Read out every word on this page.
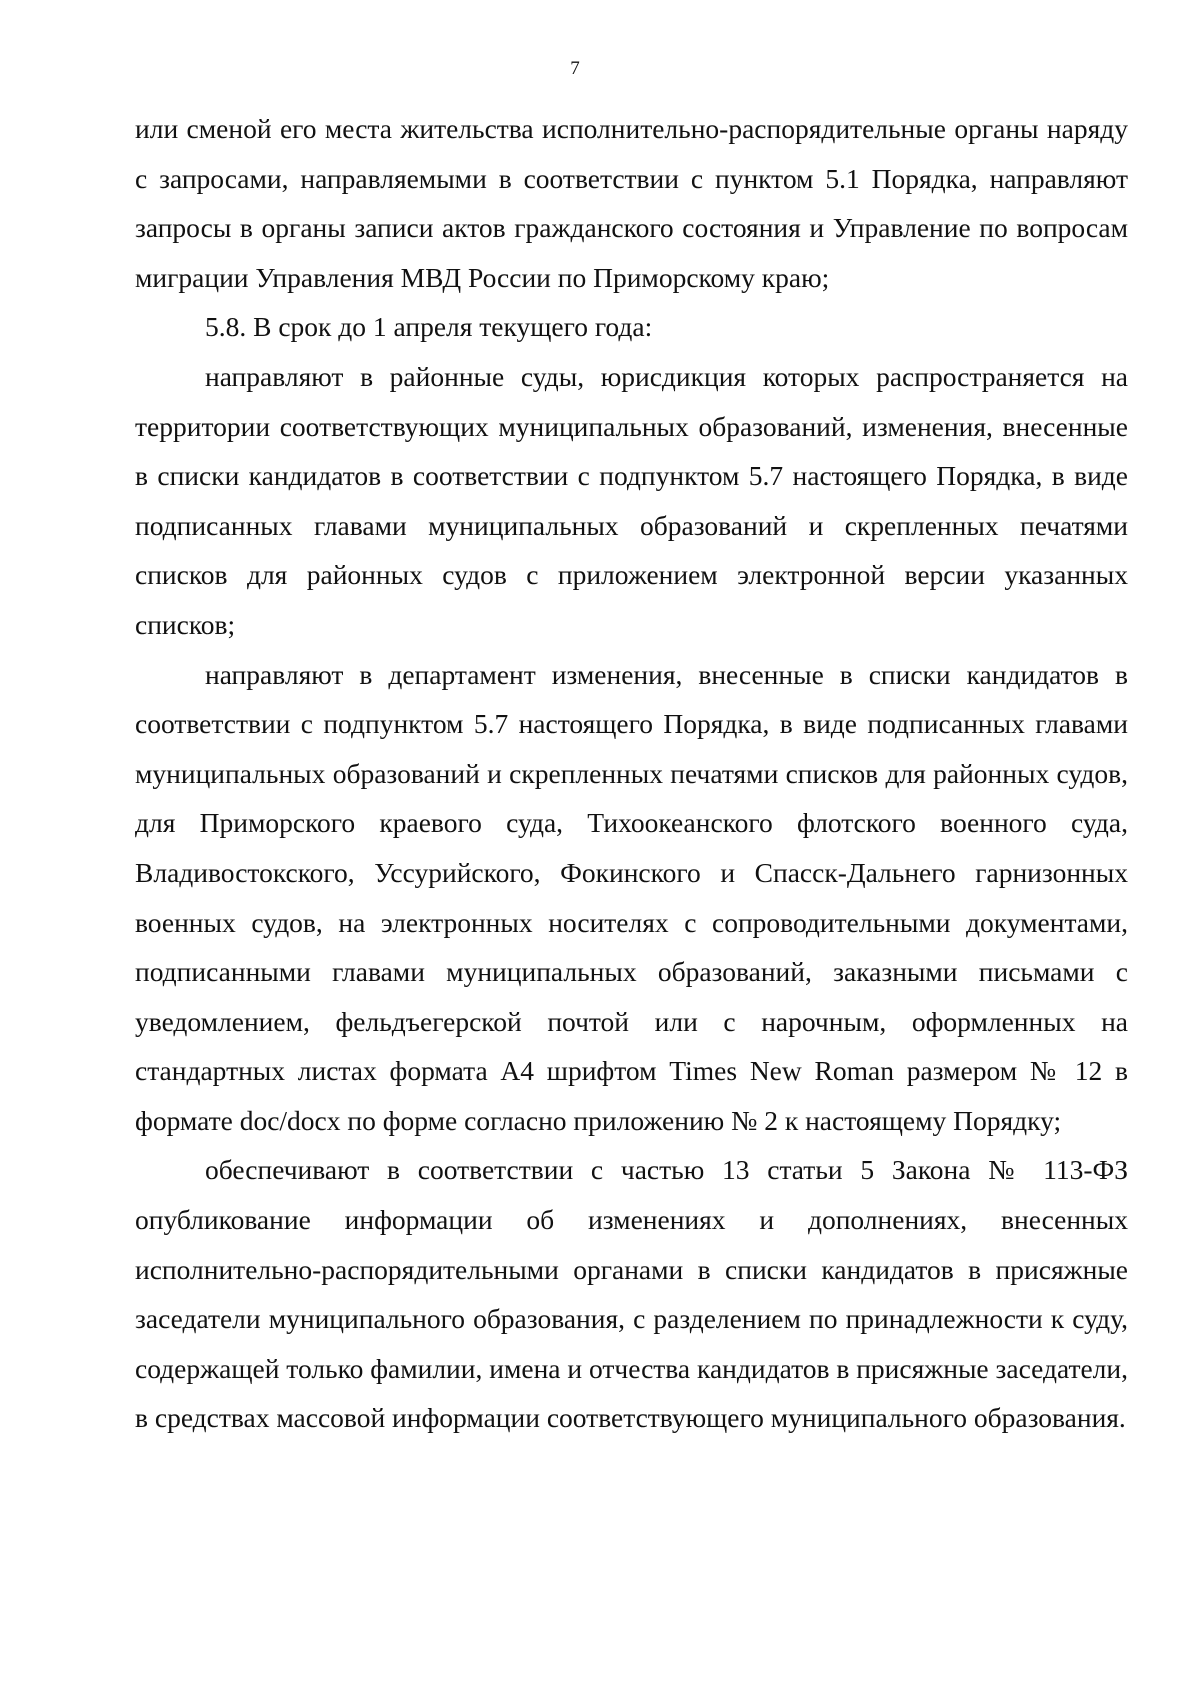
7

или сменой его места жительства исполнительно-распорядительные органы наряду с запросами, направляемыми в соответствии с пунктом 5.1 Порядка, направляют запросы в органы записи актов гражданского состояния и Управление по вопросам миграции Управления МВД России по Приморскому краю;

5.8. В срок до 1 апреля текущего года:

направляют в районные суды, юрисдикция которых распространяется на территории соответствующих муниципальных образований, изменения, внесенные в списки кандидатов в соответствии с подпунктом 5.7 настоящего Порядка, в виде подписанных главами муниципальных образований и скрепленных печатями списков для районных судов с приложением электронной версии указанных списков;

направляют в департамент изменения, внесенные в списки кандидатов в соответствии с подпунктом 5.7 настоящего Порядка, в виде подписанных главами муниципальных образований и скрепленных печатями списков для районных судов, для Приморского краевого суда, Тихоокеанского флотского военного суда, Владивостокского, Уссурийского, Фокинского и Спасск-Дальнего гарнизонных военных судов, на электронных носителях с сопроводительными документами, подписанными главами муниципальных образований, заказными письмами с уведомлением, фельдъегерской почтой или с нарочным, оформленных на стандартных листах формата А4 шрифтом Times New Roman размером № 12 в формате doc/docx по форме согласно приложению № 2 к настоящему Порядку;

обеспечивают в соответствии с частью 13 статьи 5 Закона № 113-ФЗ опубликование информации об изменениях и дополнениях, внесенных исполнительно-распорядительными органами в списки кандидатов в присяжные заседатели муниципального образования, с разделением по принадлежности к суду, содержащей только фамилии, имена и отчества кандидатов в присяжные заседатели, в средствах массовой информации соответствующего муниципального образования.
